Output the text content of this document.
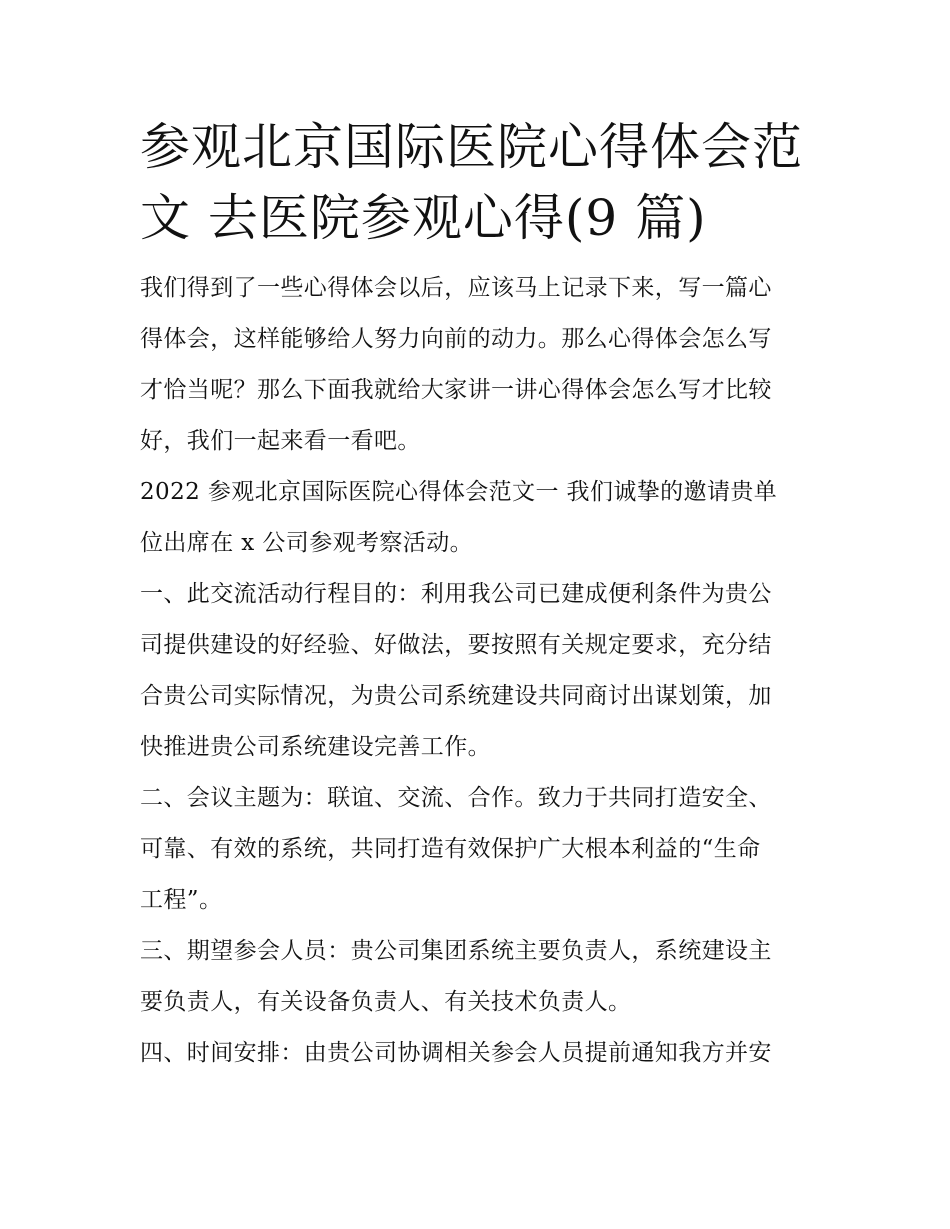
参观北京国际医院心得体会范
文 去医院参观心得(9 篇)

我们得到了一些心得体会以后，应该马上记录下来，写一篇心
得体会，这样能够给人努力向前的动力。那么心得体会怎么写
才恰当呢？那么下面我就给大家讲一讲心得体会怎么写才比较
好，我们一起来看一看吧。

2022 参观北京国际医院心得体会范文一 我们诚挚的邀请贵单
位出席在 x 公司参观考察活动。

一、此交流活动行程目的：利用我公司已建成便利条件为贵公
司提供建设的好经验、好做法，要按照有关规定要求，充分结
合贵公司实际情况，为贵公司系统建设共同商讨出谋划策，加
快推进贵公司系统建设完善工作。

二、会议主题为：联谊、交流、合作。致力于共同打造安全、
可靠、有效的系统，共同打造有效保护广大根本利益的“生命
工程”。

三、期望参会人员：贵公司集团系统主要负责人，系统建设主
要负责人，有关设备负责人、有关技术负责人。

四、时间安排：由贵公司协调相关参会人员提前通知我方并安
